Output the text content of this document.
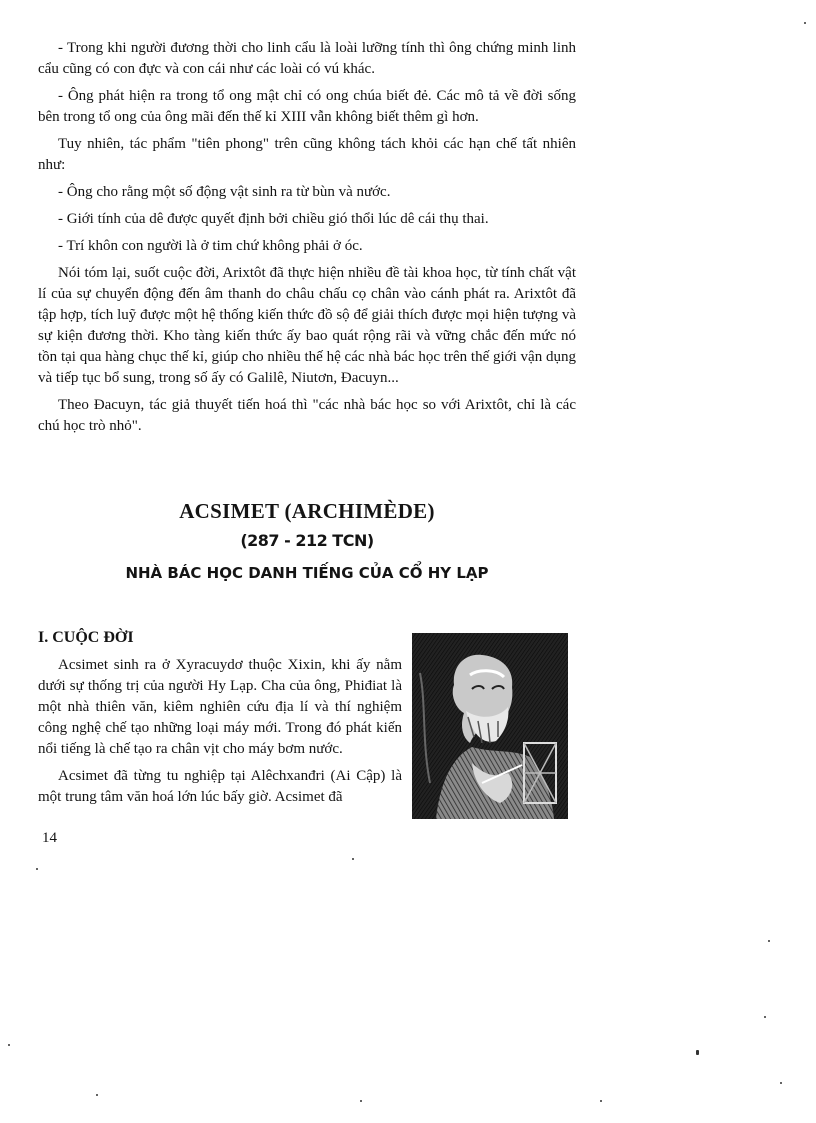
- Trong khi người đương thời cho linh cẩu là loài lưỡng tính thì ông chứng minh linh cẩu cũng có con đực và con cái như các loài có vú khác.

- Ông phát hiện ra trong tổ ong mật chỉ có ong chúa biết đẻ. Các mô tả về đời sống bên trong tổ ong của ông mãi đến thế kỉ XIII vẫn không biết thêm gì hơn.

Tuy nhiên, tác phẩm "tiên phong" trên cũng không tách khỏi các hạn chế tất nhiên như:

- Ông cho rằng một số động vật sinh ra từ bùn và nước.

- Giới tính của dê được quyết định bởi chiều gió thổi lúc dê cái thụ thai.

- Trí khôn con người là ở tim chứ không phải ở óc.

Nói tóm lại, suốt cuộc đời, Arixtôt đã thực hiện nhiều đề tài khoa học, từ tính chất vật lí của sự chuyển động đến âm thanh do châu chấu cọ chân vào cánh phát ra. Arixtôt đã tập hợp, tích luỹ được một hệ thống kiến thức đồ sộ để giải thích được mọi hiện tượng và sự kiện đương thời. Kho tàng kiến thức ấy bao quát rộng rãi và vững chắc đến mức nó tồn tại qua hàng chục thế kỉ, giúp cho nhiều thế hệ các nhà bác học trên thế giới vận dụng và tiếp tục bổ sung, trong số ấy có Galilê, Niutơn, Đacuyn...

Theo Đacuyn, tác giả thuyết tiến hoá thì "các nhà bác học so với Arixtôt, chỉ là các chú học trò nhỏ".

ACSIMET (ARCHIMÈDE)
(287 - 212 TCN)
NHÀ BÁC HỌC DANH TIẾNG CỦA CỔ HY LẠP
I. CUỘC ĐỜI

Acsimet sinh ra ở Xyracuydơ thuộc Xixin, khi ấy nằm dưới sự thống trị của người Hy Lạp. Cha của ông, Phiđiat là một nhà thiên văn, kiêm nghiên cứu địa lí và thí nghiệm công nghệ chế tạo những loại máy mới. Trong đó phát kiến nổi tiếng là chế tạo ra chân vịt cho máy bơm nước.

Acsimet đã từng tu nghiệp tại Alêchxanđri (Ai Cập) là một trung tâm văn hoá lớn lúc bấy giờ. Acsimet đã

14
